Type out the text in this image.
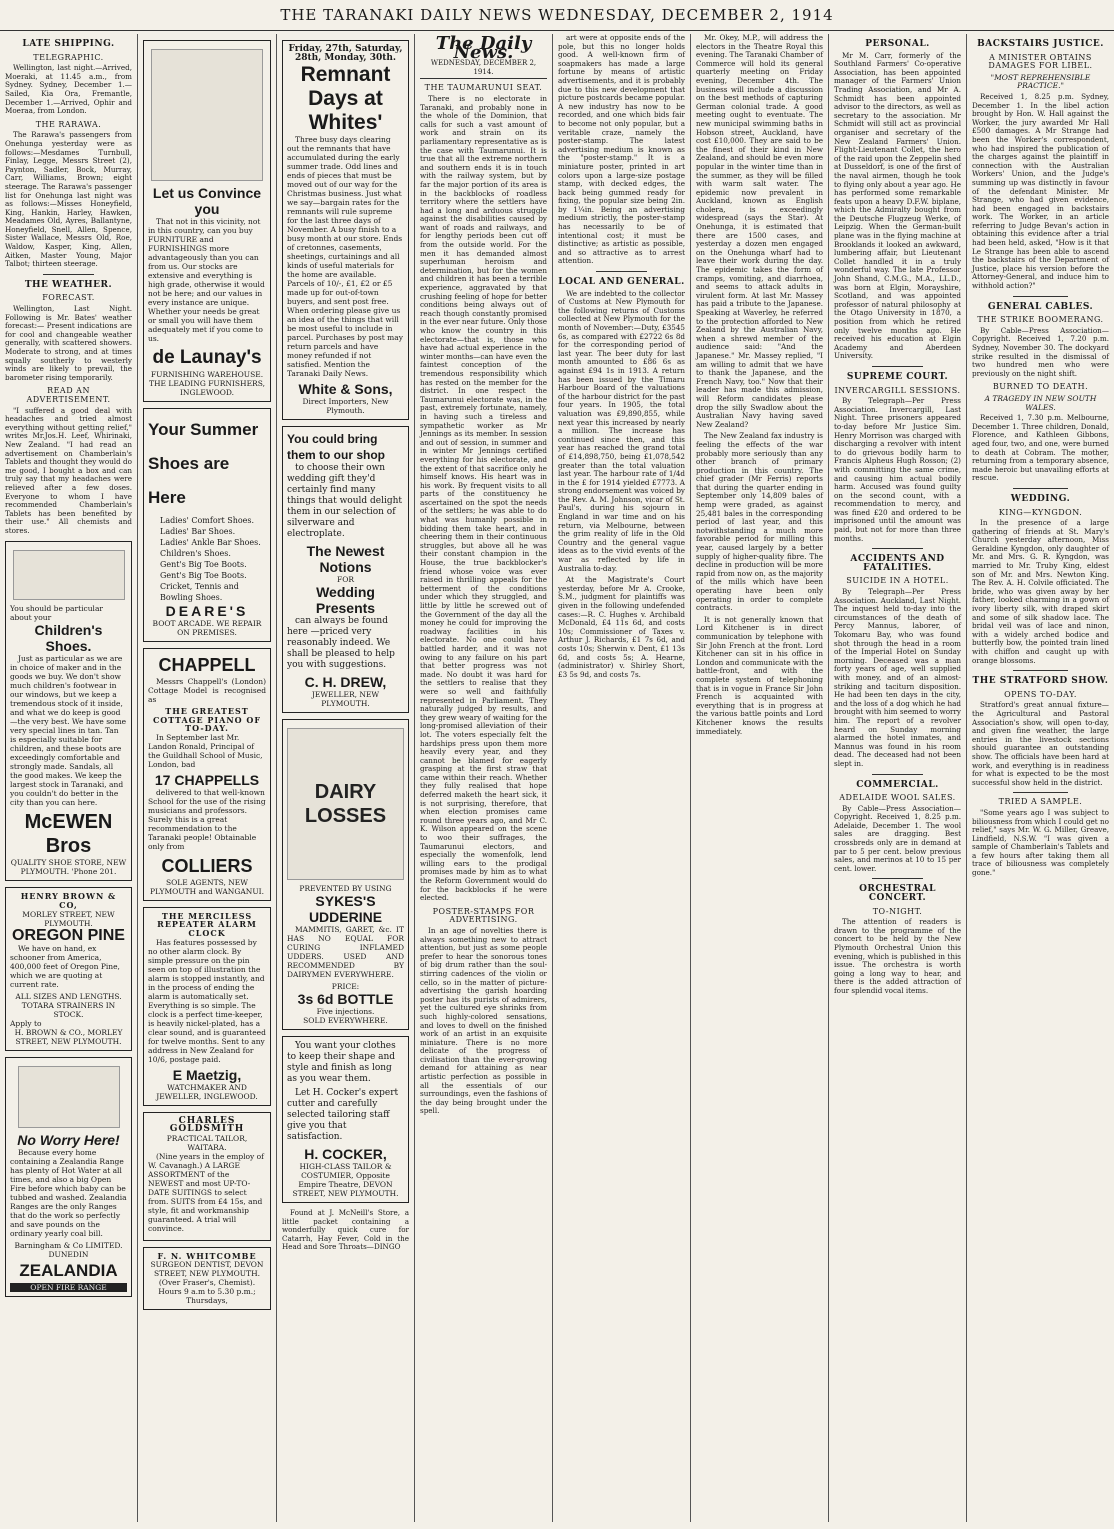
THE TARANAKI DAILY NEWS WEDNESDAY, DECEMBER 2, 1914
LATE SHIPPING.
TELEGRAPHIC.

Wellington, last night.—Arrived, Moeraki, at 11.45 a.m., from Sydney. Sydney, December 1.—Sailed, Kia Ora, Fremantle, December 1.—Arrived, Ophir and Moeraa, from London.

THE RARAWA.

The Rarawa's passengers from Onehunga yesterday were as follows:—Mesdames Turnbull, Finlay, Legge, Messrs Street (2), Paynton, Sadler, Bock, Murray, Carr, Williams, Brown; eight steerage. The Rarawa's passenger list for Onehunga last night was as follows:—Misses Honeyfield, King, Hankin, Harley, Hawken, Meadames Old, Ayres, Ballantyne, Honeyfield, Snell, Allen, Spence, Sister Wallace, Messrs Old, Roe, Waldow, Kasper, King, Allen, Aitken, Master Young, Major Talbot; thirteen steerage.

THE WEATHER.
FORECAST.

Wellington, Last Night. Following is Mr. Bates' weather forecast:— Present indications are for cool and changeable weather generally, with scattered showers. Moderate to strong, and at times squally southerly to westerly winds are likely to prevail, the barometer rising temporarily.

READ AN ADVERTISEMENT.

"I suffered a good deal with headaches and tried almost everything without getting relief," writes Mr.Jos.H. Leef, Whirinaki, New Zealand. "I had read an advertisement on Chamberlain's Tablets and thought they would do me good, I bought a box and can truly say that my headaches were relieved after a few doses. Everyone to whom I have recommended Chamberlain's Tablets has been benefited by their use." All chemists and stores.

You should be particular about your
Children's Shoes.

Just as particular as we are in choice of maker and in the goods we buy. We don't show much children's footwear in our windows, but we keep a tremendous stock of it inside, and what we do keep is good—the very best. We have some very special lines in tan. Tan is especially suitable for children, and these boots are exceedingly comfortable and strongly made. Sandals, all the good makes. We keep the largest stock in Taranaki, and you couldn't do better in the city than you can here.

McEWEN Bros
QUALITY SHOE STORE, NEW PLYMOUTH. 'Phone 201.
HENRY BROWN & CO,
MORLEY STREET, NEW PLYMOUTH.
OREGON PINE

We have on hand, ex schooner from America, 400,000 feet of Oregon Pine, which we are quoting at current rate.

ALL SIZES AND LENGTHS.
TOTARA STRAINERS IN STOCK.
Apply to
H. BROWN & CO., MORLEY STREET, NEW PLYMOUTH.
No Worry Here!

Because every home containing a Zealandia Range has plenty of Hot Water at all times, and also a big Open Fire before which baby can be tubbed and washed. Zealandia Ranges are the only Ranges that do the work so perfectly and save pounds on the ordinary yearly coal bill.

Barningham & Co LIMITED. DUNEDIN
ZEALANDIA
OPEN FIRE RANGE
Let us Convince you

That not in this vicinity, not in this country, can you buy FURNITURE and FURNISHINGS more advantageously than you can from us. Our stocks are extensive and everything is high grade, otherwise it would not be here; and our values in every instance are unique. Whether your needs be great or small you will have them adequately met if you come to us.

de Launay's
FURNISHING WAREHOUSE. THE LEADING FURNISHERS, INGLEWOOD.
Your Summer Shoes are Here
Ladies' Comfort Shoes.
Ladies' Bar Shoes.
Ladies' Ankle Bar Shoes.
Children's Shoes.
Gent's Big Toe Boots.
Gent's Big Toe Boots.
Cricket, Tennis and Bowling Shoes.
DEARE'S
BOOT ARCADE. WE REPAIR ON PREMISES.
CHAPPELL

Messrs Chappell's (London) Cottage Model is recognised as

THE GREATEST COTTAGE PIANO OF TO-DAY.

In September last Mr. Landon Ronald, Principal of the Guildhall School of Music, London, bad

17 CHAPPELLS

delivered to that well-known School for the use of the rising musicians and professors. Surely this is a great recommendation to the Taranaki people! Obtainable only from

COLLIERS
SOLE AGENTS, NEW PLYMOUTH and WANGANUI.
THE MERCILESS REPEATER ALARM CLOCK

Has features possessed by no other alarm clock. By simple pressure on the pin seen on top of illustration the alarm is stopped instantly, and in the process of ending the alarm is automatically set. Everything is so simple. The clock is a perfect time-keeper, is heavily nickel-plated, has a clear sound, and is guaranteed for twelve months. Sent to any address in New Zealand for 10/6, postage paid.

E Maetzig,
WATCHMAKER AND JEWELLER, INGLEWOOD.
CHARLES GOLDSMITH
PRACTICAL TAILOR, WAITARA.

(Nine years in the employ of W. Cavanagh.) A LARGE ASSORTMENT of the NEWEST and most UP-TO-DATE SUITINGS to select from. SUITS from £4 15s, and style, fit and workmanship guaranteed. A trial will convince.

F. N. WHITCOMBE
SURGEON DENTIST, DEVON STREET, NEW PLYMOUTH. (Over Fraser's, Chemist).
Hours 9 a.m to 5.30 p.m.; Thursdays,
Friday, 27th, Saturday, 28th, Monday, 30th.
Remnant Days at Whites'

Three busy days clearing out the remnants that have accumulated during the early summer trade. Odd lines and ends of pieces that must be moved out of our way for the Christmas business. Just what we say—bargain rates for the remnants will rule supreme for the last three days of November. A busy finish to a busy month at our store. Ends of cretonnes, casements, sheetings, curtainings and all kinds of useful materials for the home are available. Parcels of 10/-, £1, £2 or £5 made up for out-of-town buyers, and sent post free. When ordering please give us an idea of the things that will be most useful to include in parcel. Purchases by post may return parcels and have money refunded if not satisfied. Mention the Taranaki Daily News.

White & Sons,
Direct Importers, New Plymouth.
You could bring them to our shop

to choose their own wedding gift they'd certainly find many things that would delight them in our selection of silverware and electroplate.

The Newest Notions
FOR
Wedding Presents

can always be found here —priced very reasonably indeed. We shall be pleased to help you with suggestions.

C. H. DREW,
JEWELLER, NEW PLYMOUTH.
DAIRY LOSSES
PREVENTED BY USING
SYKES'S UDDERINE

MAMMITIS, GARET, &c. IT HAS NO EQUAL FOR CURING INFLAMED UDDERS. USED AND RECOMMENDED BY DAIRYMEN EVERYWHERE.

PRICE:
3s 6d BOTTLE
Five injections.
SOLD EVERYWHERE.

You want your clothes to keep their shape and style and finish as long as you wear them.

Let H. Cocker's expert cutter and carefully selected tailoring staff give you that satisfaction.

H. COCKER,
HIGH-CLASS TAILOR & COSTUMIER, Opposite Empire Theatre, DEVON STREET, NEW PLYMOUTH.

Found at J. McNeill's Store, a little packet containing a wonderfully quick cure for Catarrh, Hay Fever, Cold in the Head and Sore Throats—DINGO

The Daily News.
WEDNESDAY, DECEMBER 2, 1914.
THE TAUMARUNUI SEAT.

There is no electorate in Taranaki, and probably none in the whole of the Dominion, that calls for such a vast amount of work and strain on its parliamentary representative as is the case with Taumarunui. It is true that all the extreme northern and southern ends it is in touch with the railway system, but by far the major portion of its area is in the backblocks of roadless territory where the settlers have had a long and arduous struggle against the disabilities caused by want of roads and railways, and for lengthy periods been cut off from the outside world. For the men it has demanded almost superhuman heroism and determination, but for the women and children it has been a terrible experience, aggravated by that crushing feeling of hope for better conditions being always out of reach though constantly promised in the ever near future. Only those who know the country in this electorate—that is, those who have had actual experience in the winter months—can have even the faintest conception of the tremendous responsibility which has rested on the member for the district. In one respect the Taumarunui electorate was, in the past, extremely fortunate, namely, in having such a tireless and sympathetic worker as Mr Jennings as its member. In session and out of session, in summer and in winter Mr Jennings certified everything for his electorate, and the extent of that sacrifice only he himself knows. His heart was in his work. By frequent visits to all parts of the constituency he ascertained on the spot the needs of the settlers; he was able to do what was humanly possible in bidding them take heart, and in cheering them in their continuous struggles, but above all he was their constant champion in the House, the true backblocker's friend whose voice was ever raised in thrilling appeals for the betterment of the conditions under which they struggled, and little by little he screwed out of the Government of the day all the money he could for improving the roadway facilities in his electorate. No one could have battled harder, and it was not owing to any failure on his part that better progress was not made. No doubt it was hard for the settlers to realise that they were so well and faithfully represented in Parliament. They naturally judged by results, and they grew weary of waiting for the long-promised alleviation of their lot. The voters especially felt the hardships press upon them more heavily every year, and they cannot be blamed for eagerly grasping at the first straw that came within their reach. Whether they fully realised that hope deferred maketh the heart sick, it is not surprising, therefore, that when election promises came round three years ago, and Mr C. K. Wilson appeared on the scene to woo their suffrages, the Taumarunui electors, and especially the womenfolk, lend willing ears to the prodigal promises made by him as to what the Reform Government would do for the backblocks if he were elected.

POSTER-STAMPS FOR ADVERTISING.

In an age of novelties there is always something new to attract attention, but just as some people prefer to hear the sonorous tones of big drum rather than the soul-stirring cadences of the violin or cello, so in the matter of picture-advertising the garish hoarding poster has its purists of admirers, yet the cultured eye shrinks from such highly-colored sensations, and loves to dwell on the finished work of an artist in an exquisite miniature. There is no more delicate of the progress of civilisation than the ever-growing demand for attaining as near artistic perfection as possible in all the essentials of our surroundings, even the fashions of the day being brought under the spell.

art were at opposite ends of the pole, but this no longer holds good. A well-known firm of soapmakers has made a large fortune by means of artistic advertisements, and it is probably due to this new development that picture postcards became popular. A new industry has now to be recorded, and one which bids fair to become not only popular, but a veritable craze, namely the poster-stamp. The latest advertising medium is known as the "poster-stamp." It is a miniature poster, printed in art colors upon a large-size postage stamp, with decked edges, the back being gummed ready for fixing, the popular size being 2in. by 1¼in. Being an advertising medium strictly, the poster-stamp has necessarily to be of intentional cost; it must be distinctive; as artistic as possible, and so attractive as to arrest attention.

LOCAL AND GENERAL.

We are indebted to the collector of Customs at New Plymouth for the following returns of Customs collected at New Plymouth for the month of November:—Duty, £3545 6s, as compared with £2722 6s 8d for the corresponding period of last year. The beer duty for last month amounted to £86 6s as against £94 1s in 1913. A return has been issued by the Timaru Harbour Board of the valuations of the harbour district for the past four years. In 1905, the total valuation was £9,890,855, while next year this increased by nearly a million. The increase has continued since then, and this year has reached the grand total of £14,898,750, being £1,078,542 greater than the total valuation last year. The harbour rate of 1/4d in the £ for 1914 yielded £7773. A strong endorsement was voiced by the Rev. A. M. Johnson, vicar of St. Paul's, during his sojourn in England in war time and on his return, via Melbourne, between the grim reality of life in the Old Country and the general vague ideas as to the vivid events of the war as reflected by life in Australia to-day.

At the Magistrate's Court yesterday, before Mr A. Crooke, S.M., judgment for plaintiffs was given in the following undefended cases:—R. C. Hughes v. Archibald McDonald, £4 11s 6d, and costs 10s; Commissioner of Taxes v. Arthur J. Richards, £1 7s 6d, and costs 10s; Sherwin v. Dent, £1 13s 6d, and costs 5s; A. Hearne, (administrator) v. Shirley Short, £3 5s 9d, and costs 7s.

Mr. Okey, M.P., will address the electors in the Theatre Royal this evening. The Taranaki Chamber of Commerce will hold its general quarterly meeting on Friday evening, December 4th. The business will include a discussion on the best methods of capturing German colonial trade. A good meeting ought to eventuate. The new municipal swimming baths in Hobson street, Auckland, have cost £10,000. They are said to be the finest of their kind in New Zealand, and should be even more popular in the winter time than in the summer, as they will be filled with warm salt water. The epidemic now prevalent in Auckland, known as English cholera, is exceedingly widespread (says the Star). At Onehunga, it is estimated that there are 1500 cases, and yesterday a dozen men engaged on the Onehunga wharf had to leave their work during the day. The epidemic takes the form of cramps, vomiting, and diarrhoea, and seems to attack adults in virulent form. At last Mr. Massey has paid a tribute to the Japanese. Speaking at Waverley, he referred to the protection afforded to New Zealand by the Australian Navy, when a shrewd member of the audience said: "And the Japanese." Mr. Massey replied, "I am willing to admit that we have to thank the Japanese, and the French Navy, too." Now that their leader has made this admission, will Reform candidates please drop the silly Swadlow about the Australian Navy having saved New Zealand?

The New Zealand fax industry is feeling the effects of the war probably more seriously than any other branch of primary production in this country. The chief grader (Mr Ferris) reports that during the quarter ending in September only 14,809 bales of hemp were graded, as against 25,481 bales in the corresponding period of last year, and this notwithstanding a much more favorable period for milling this year, caused largely by a better supply of higher-quality fibre. The decline in production will be more rapid from now on, as the majority of the mills which have been operating have been only operating in order to complete contracts.

It is not generally known that Lord Kitchener is in direct communication by telephone with Sir John French at the front. Lord Kitchener can sit in his office in London and communicate with the battle-front, and with the complete system of telephoning that is in vogue in France Sir John French is acquainted with everything that is in progress at the various battle points and Lord Kitchener knows the results immediately.

PERSONAL.

Mr M. Carr, formerly of the Southland Farmers' Co-operative Association, has been appointed manager of the Farmers' Union Trading Association, and Mr A. Schmidt has been appointed advisor to the directors, as well as secretary to the association. Mr Schmidt will still act as provincial organiser and secretary of the New Zealand Farmers' Union. Flight-Lieutenant Collet, the hero of the raid upon the Zeppelin shed at Dusseldorf, is one of the first of the naval airmen, though he took to flying only about a year ago. He has performed some remarkable feats upon a heavy D.F.W. biplane, which the Admiralty bought from the Deutsche Flugzeug Werke, of Leipzig. When the German-built plane was in the flying machine at Brooklands it looked an awkward, lumbering affair, but Lieutenant Collet handled it in a truly wonderful way. The late Professor John Shand, C.M.G., M.A., LL.D., was born at Elgin, Morayshire, Scotland, and was appointed professor of natural philosophy at the Otago University in 1870, a position from which he retired only twelve months ago. He received his education at Elgin Academy and Aberdeen University.

SUPREME COURT.
INVERCARGILL SESSIONS.

By Telegraph—Per Press Association. Invercargill, Last Night. Three prisoners appeared to-day before Mr Justice Sim. Henry Morrison was charged with discharging a revolver with intent to do grievous bodily harm to Francis Alpheus Hugh Rosson; (2) with committing the same crime, and causing him actual bodily harm. Accused was found guilty on the second count, with a recommendation to mercy, and was fined £20 and ordered to be imprisoned until the amount was paid, but not for more than three months.

ACCIDENTS AND FATALITIES.
SUICIDE IN A HOTEL.

By Telegraph—Per Press Association. Auckland, Last Night. The inquest held to-day into the circumstances of the death of Percy Mannus, laborer, of Tokomaru Bay, who was found shot through the head in a room of the Imperial Hotel on Sunday morning. Deceased was a man forty years of age, well supplied with money, and of an almost-striking and taciturn disposition. He had been ten days in the city, and the loss of a dog which he had brought with him seemed to worry him. The report of a revolver heard on Sunday morning alarmed the hotel inmates, and Mannus was found in his room dead. The deceased had not been slept in.

COMMERCIAL.
ADELAIDE WOOL SALES.

By Cable—Press Association—Copyright. Received 1, 8.25 p.m. Adelaide, December 1. The wool sales are dragging. Best crossbreds only are in demand at par to 5 per cent. below previous sales, and merinos at 10 to 15 per cent. lower.

ORCHESTRAL CONCERT.
TO-NIGHT.

The attention of readers is drawn to the programme of the concert to be held by the New Plymouth Orchestral Union this evening, which is published in this issue. The orchestra is worth going a long way to hear, and there is the added attraction of four splendid vocal items.

BACKSTAIRS JUSTICE.
A MINISTER OBTAINS DAMAGES FOR LIBEL.
"MOST REPREHENSIBLE PRACTICE."

Received 1, 8.25 p.m. Sydney, December 1. In the libel action brought by Hon. W. Hall against the Worker, the jury awarded Mr Hall £500 damages. A Mr Strange had been the Worker's correspondent, who had inspired the publication of the charges against the plaintiff in connection with the Australian Workers' Union, and the Judge's summing up was distinctly in favour of the defendant Minister. Mr Strange, who had given evidence, had been engaged in backstairs work. The Worker, in an article referring to Judge Bevan's action in obtaining this evidence after a trial had been held, asked, "How is it that Le Strange has been able to ascend the backstairs of the Department of Justice, place his version before the Attorney-General, and induce him to withhold action?"

GENERAL CABLES.
THE STRIKE BOOMERANG.

By Cable—Press Association—Copyright. Received 1, 7.20 p.m. Sydney, November 30. The dockyard strike resulted in the dismissal of two hundred men who were previously on the night shift.

BURNED TO DEATH.
A TRAGEDY IN NEW SOUTH WALES.

Received 1, 7.30 p.m. Melbourne, December 1. Three children, Donald, Florence, and Kathleen Gibbons, aged four, two, and one, were burned to death at Cobram. The mother, returning from a temporary absence, made heroic but unavailing efforts at rescue.

WEDDING.
KING—KYNGDON.

In the presence of a large gathering of friends at St. Mary's Church yesterday afternoon, Miss Geraldine Kyngdon, only daughter of Mr. and Mrs. G. R. Kyngdon, was married to Mr. Truby King, eldest son of Mr. and Mrs. Newton King. The Rev. A. H. Colvile officiated. The bride, who was given away by her father, looked charming in a gown of ivory liberty silk, with draped skirt and some of silk shadow lace. The bridal veil was of lace and ninon, with a widely arched bodice and butterfly bow, the pointed train lined with chiffon and caught up with orange blossoms.

THE STRATFORD SHOW.
OPENS TO-DAY.

Stratford's great annual fixture—the Agricultural and Pastoral Association's show, will open to-day, and given fine weather, the large entries in the livestock sections should guarantee an outstanding show. The officials have been hard at work, and everything is in readiness for what is expected to be the most successful show held in the district.

TRIED A SAMPLE.

"Some years ago I was subject to biliousness from which I could get no relief," says Mr. W. G. Miller, Greave, Lindfield, N.S.W. "I was given a sample of Chamberlain's Tablets and a few hours after taking them all trace of biliousness was completely gone."
